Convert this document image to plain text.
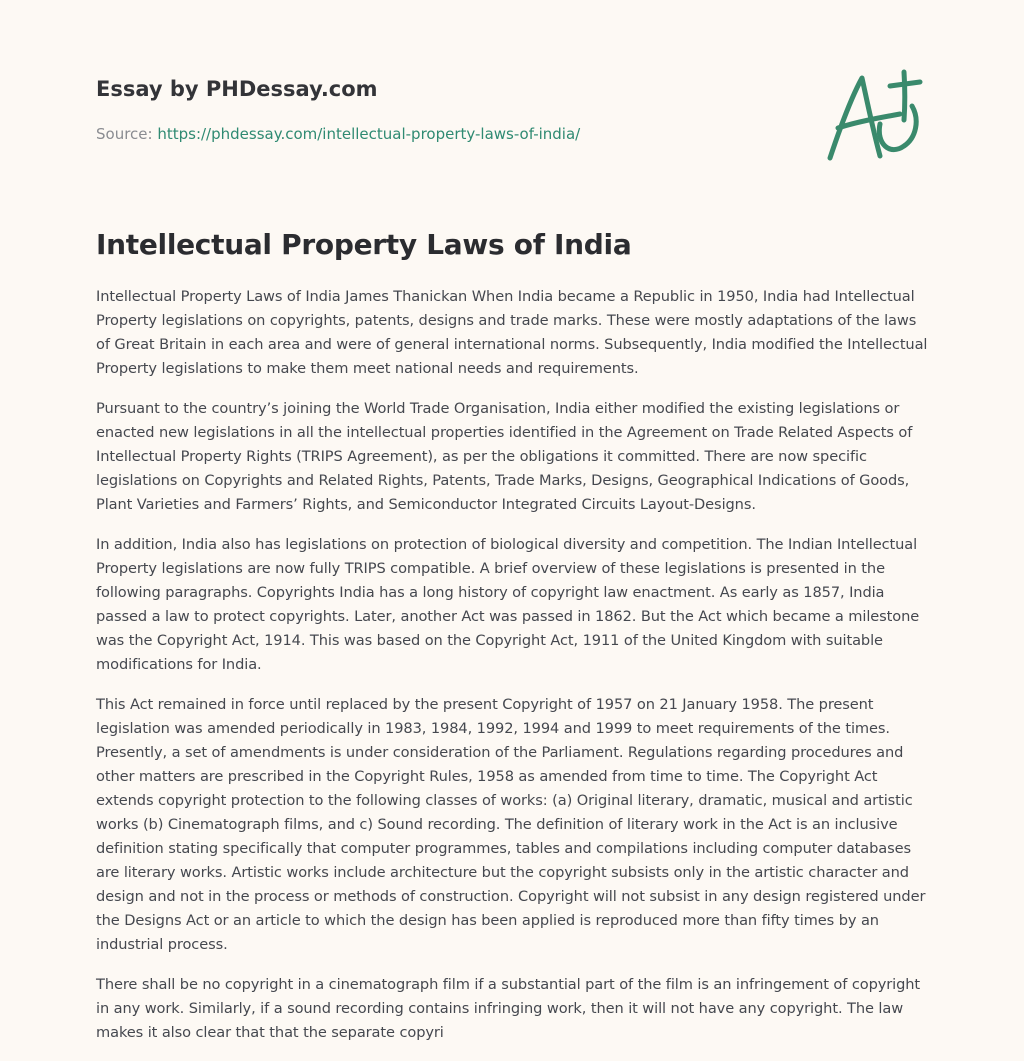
Essay by PHDessay.com
Source: https://phdessay.com/intellectual-property-laws-of-india/
Intellectual Property Laws of India

Intellectual Property Laws of India James Thanickan When India became a Republic in 1950, India had Intellectual Property legislations on copyrights, patents, designs and trade marks. These were mostly adaptations of the laws of Great Britain in each area and were of general international norms. Subsequently, India modified the Intellectual Property legislations to make them meet national needs and requirements.

Pursuant to the country’s joining the World Trade Organisation, India either modified the existing legislations or enacted new legislations in all the intellectual properties identified in the Agreement on Trade Related Aspects of Intellectual Property Rights (TRIPS Agreement), as per the obligations it committed. There are now specific legislations on Copyrights and Related Rights, Patents, Trade Marks, Designs, Geographical Indications of Goods, Plant Varieties and Farmers’ Rights, and Semiconductor Integrated Circuits Layout-Designs.

In addition, India also has legislations on protection of biological diversity and competition. The Indian Intellectual Property legislations are now fully TRIPS compatible. A brief overview of these legislations is presented in the following paragraphs. Copyrights India has a long history of copyright law enactment. As early as 1857, India passed a law to protect copyrights. Later, another Act was passed in 1862. But the Act which became a milestone was the Copyright Act, 1914. This was based on the Copyright Act, 1911 of the United Kingdom with suitable modifications for India.

This Act remained in force until replaced by the present Copyright of 1957 on 21 January 1958. The present legislation was amended periodically in 1983, 1984, 1992, 1994 and 1999 to meet requirements of the times. Presently, a set of amendments is under consideration of the Parliament. Regulations regarding procedures and other matters are prescribed in the Copyright Rules, 1958 as amended from time to time. The Copyright Act extends copyright protection to the following classes of works: (a) Original literary, dramatic, musical and artistic works (b) Cinematograph films, and c) Sound recording. The definition of literary work in the Act is an inclusive definition stating specifically that computer programmes, tables and compilations including computer databases are literary works. Artistic works include architecture but the copyright subsists only in the artistic character and design and not in the process or methods of construction. Copyright will not subsist in any design registered under the Designs Act or an article to which the design has been applied is reproduced more than fifty times by an industrial process.

There shall be no copyright in a cinematograph film if a substantial part of the film is an infringement of copyright in any work. Similarly, if a sound recording contains infringing work, then it will not have any copyright. The law makes it also clear that that the separate copyri
